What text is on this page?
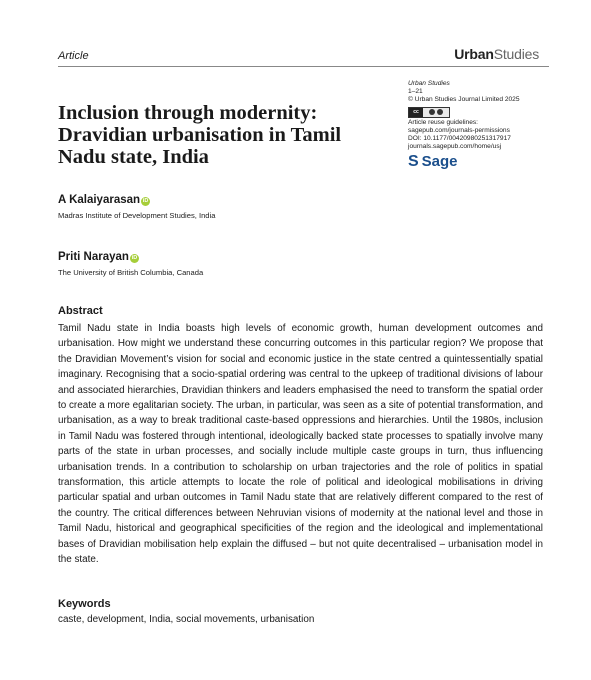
Article	UrbanStudies
Urban Studies
1–21
© Urban Studies Journal Limited 2025
cc
Article reuse guidelines:
sagepub.com/journals-permissions
DOI: 10.1177/00420980251317917
journals.sagepub.com/home/usj
S Sage
Inclusion through modernity: Dravidian urbanisation in Tamil Nadu state, India
A Kalaiyarasan iD
Madras Institute of Development Studies, India
Priti Narayan iD
The University of British Columbia, Canada
Abstract

Tamil Nadu state in India boasts high levels of economic growth, human development outcomes and urbanisation. How might we understand these concurring outcomes in this particular region? We propose that the Dravidian Movement’s vision for social and economic justice in the state centred a quintessentially spatial imaginary. Recognising that a socio-spatial ordering was central to the upkeep of traditional divisions of labour and associated hierarchies, Dravidian thinkers and leaders emphasised the need to transform the spatial order to create a more egalitarian society. The urban, in particular, was seen as a site of potential transformation, and urbanisation, as a way to break traditional caste-based oppressions and hierarchies. Until the 1980s, inclusion in Tamil Nadu was fostered through intentional, ideologically backed state processes to spatially involve many parts of the state in urban processes, and socially include multiple caste groups in turn, thus influencing urbanisation trends. In a contribution to scholarship on urban trajectories and the role of politics in spatial transformation, this article attempts to locate the role of political and ideological mobilisations in driving particular spatial and urban outcomes in Tamil Nadu state that are relatively different compared to the rest of the country. The critical differences between Nehruvian visions of modernity at the national level and those in Tamil Nadu, historical and geographical specificities of the region and the ideological and implementational bases of Dravidian mobilisation help explain the diffused – but not quite decentralised – urbanisation model in the state.

Keywords
caste, development, India, social movements, urbanisation
